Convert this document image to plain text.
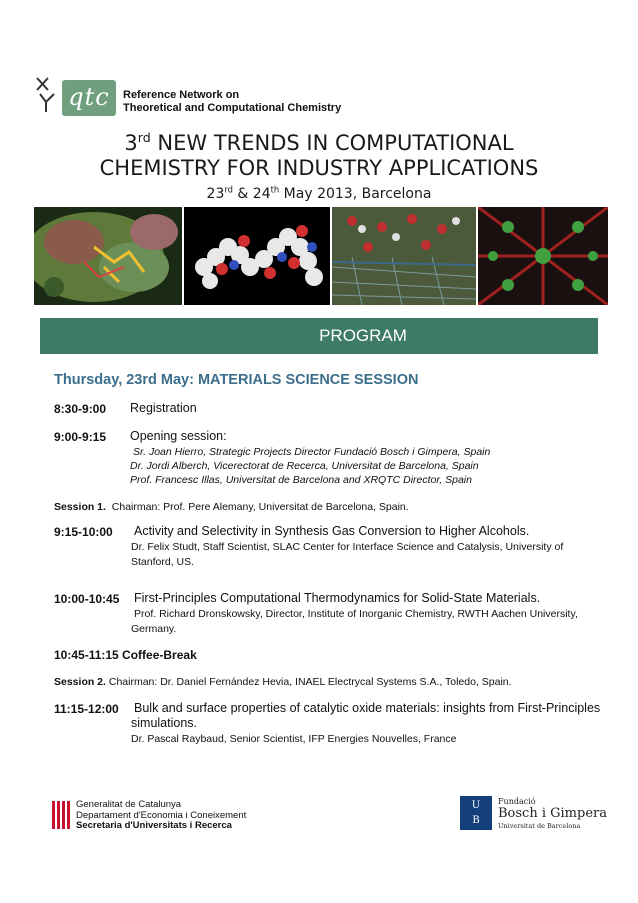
qtc	Reference Network on
Theoretical and Computational Chemistry
3rd NEW TRENDS IN COMPUTATIONAL
CHEMISTRY FOR INDUSTRY APPLICATIONS
23rd & 24th May 2013, Barcelona
PROGRAM
Thursday, 23rd May: MATERIALS SCIENCE SESSION
8:30-9:00 Registration
9:00-9:15 Opening session:
Sr. Joan Hierro, Strategic Projects Director Fundació Bosch i Gimpera, Spain
Dr. Jordi Alberch, Vicerectorat de Recerca, Universitat de Barcelona, Spain
Prof. Francesc Illas, Universitat de Barcelona and XRQTC Director, Spain
Session 1. Chairman: Prof. Pere Alemany, Universitat de Barcelona, Spain.
9:15-10:00 Activity and Selectivity in Synthesis Gas Conversion to Higher Alcohols.
Dr. Felix Studt, Staff Scientist, SLAC Center for Interface Science and Catalysis, University of
Stanford, US.
10:00-10:45 First-Principles Computational Thermodynamics for Solid-State Materials.
Prof. Richard Dronskowsky, Director, Institute of Inorganic Chemistry, RWTH Aachen University,
Germany.
10:45-11:15 Coffee-Break
Session 2. Chairman: Dr. Daniel Fernández Hevia, INAEL Electrycal Systems S.A., Toledo, Spain.
11:15-12:00 Bulk and surface properties of catalytic oxide materials: insights from First-Principles
simulations.
Dr. Pascal Raybaud, Senior Scientist, IFP Energies Nouvelles, France
Generalitat de Catalunya
Departament d'Economia i Coneixement
Secretaria d'Universitats i Recerca
U
B
Fundació
Bosch i Gimpera
Universitat de Barcelona
